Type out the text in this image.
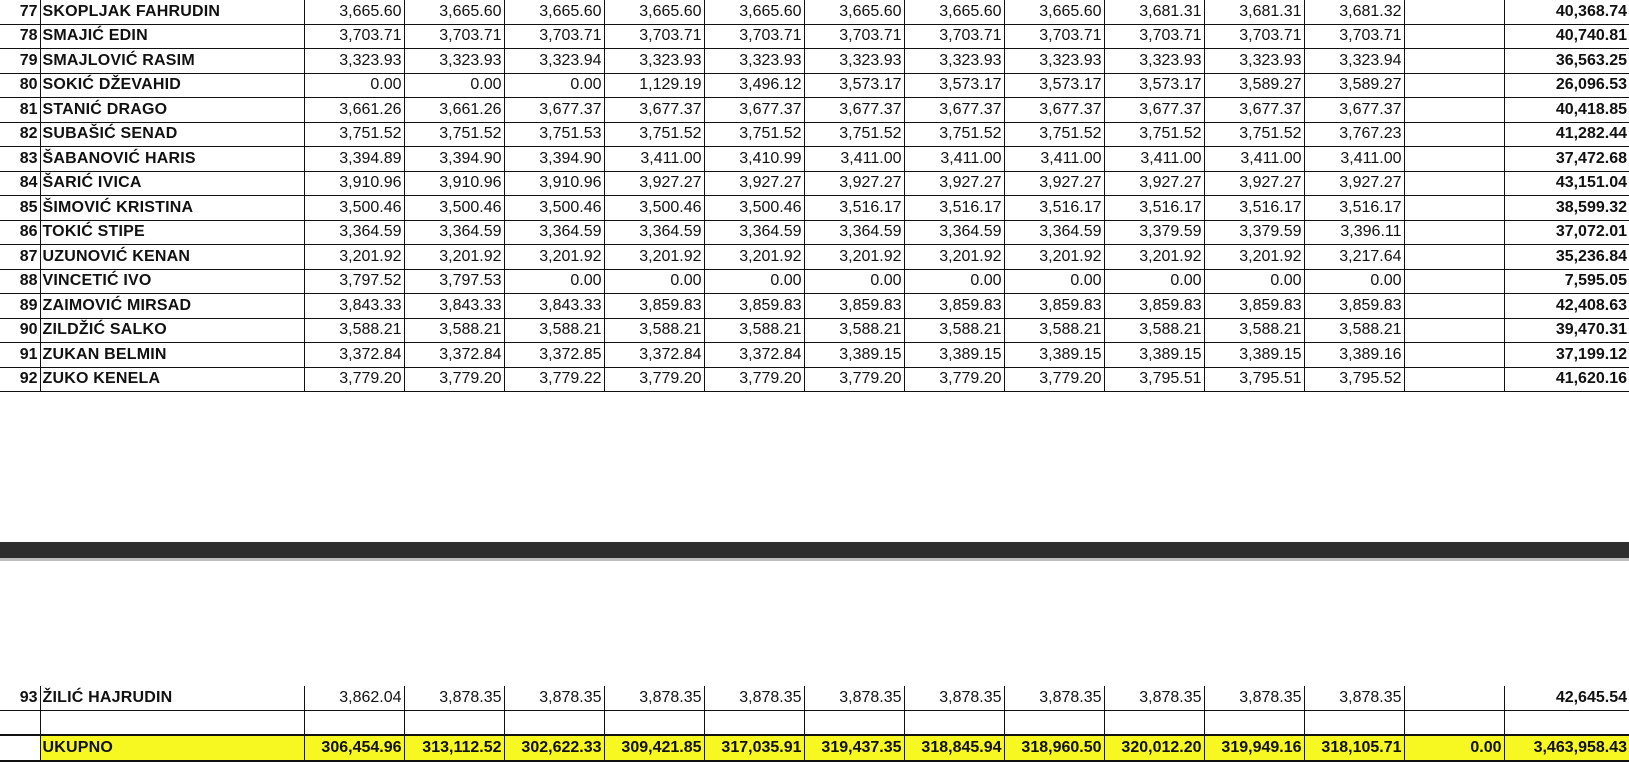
77	SKOPLJAK FAHRUDIN	3,665.60	3,665.60	3,665.60	3,665.60	3,665.60	3,665.60	3,665.60	3,665.60	3,681.31	3,681.31	3,681.32		40,368.74
78	SMAJIĆ EDIN	3,703.71	3,703.71	3,703.71	3,703.71	3,703.71	3,703.71	3,703.71	3,703.71	3,703.71	3,703.71	3,703.71		40,740.81
79	SMAJLOVIĆ RASIM	3,323.93	3,323.93	3,323.94	3,323.93	3,323.93	3,323.93	3,323.93	3,323.93	3,323.93	3,323.93	3,323.94		36,563.25
80	SOKIĆ DŽEVAHID	0.00	0.00	0.00	1,129.19	3,496.12	3,573.17	3,573.17	3,573.17	3,573.17	3,589.27	3,589.27		26,096.53
81	STANIĆ DRAGO	3,661.26	3,661.26	3,677.37	3,677.37	3,677.37	3,677.37	3,677.37	3,677.37	3,677.37	3,677.37	3,677.37		40,418.85
82	SUBAŠIĆ SENAD	3,751.52	3,751.52	3,751.53	3,751.52	3,751.52	3,751.52	3,751.52	3,751.52	3,751.52	3,751.52	3,767.23		41,282.44
83	ŠABANOVIĆ HARIS	3,394.89	3,394.90	3,394.90	3,411.00	3,410.99	3,411.00	3,411.00	3,411.00	3,411.00	3,411.00	3,411.00		37,472.68
84	ŠARIĆ IVICA	3,910.96	3,910.96	3,910.96	3,927.27	3,927.27	3,927.27	3,927.27	3,927.27	3,927.27	3,927.27	3,927.27		43,151.04
85	ŠIMOVIĆ KRISTINA	3,500.46	3,500.46	3,500.46	3,500.46	3,500.46	3,516.17	3,516.17	3,516.17	3,516.17	3,516.17	3,516.17		38,599.32
86	TOKIĆ STIPE	3,364.59	3,364.59	3,364.59	3,364.59	3,364.59	3,364.59	3,364.59	3,364.59	3,379.59	3,379.59	3,396.11		37,072.01
87	UZUNOVIĆ KENAN	3,201.92	3,201.92	3,201.92	3,201.92	3,201.92	3,201.92	3,201.92	3,201.92	3,201.92	3,201.92	3,217.64		35,236.84
88	VINCETIĆ IVO	3,797.52	3,797.53	0.00	0.00	0.00	0.00	0.00	0.00	0.00	0.00	0.00		7,595.05
89	ZAIMOVIĆ MIRSAD	3,843.33	3,843.33	3,843.33	3,859.83	3,859.83	3,859.83	3,859.83	3,859.83	3,859.83	3,859.83	3,859.83		42,408.63
90	ZILDŽIĆ SALKO	3,588.21	3,588.21	3,588.21	3,588.21	3,588.21	3,588.21	3,588.21	3,588.21	3,588.21	3,588.21	3,588.21		39,470.31
91	ZUKAN BELMIN	3,372.84	3,372.84	3,372.85	3,372.84	3,372.84	3,389.15	3,389.15	3,389.15	3,389.15	3,389.15	3,389.16		37,199.12
92	ZUKO KENELA	3,779.20	3,779.20	3,779.22	3,779.20	3,779.20	3,779.20	3,779.20	3,779.20	3,795.51	3,795.51	3,795.52		41,620.16
93	ŽILIĆ HAJRUDIN	3,862.04	3,878.35	3,878.35	3,878.35	3,878.35	3,878.35	3,878.35	3,878.35	3,878.35	3,878.35	3,878.35		42,645.54

	UKUPNO	306,454.96	313,112.52	302,622.33	309,421.85	317,035.91	319,437.35	318,845.94	318,960.50	320,012.20	319,949.16	318,105.71	0.00	3,463,958.43
